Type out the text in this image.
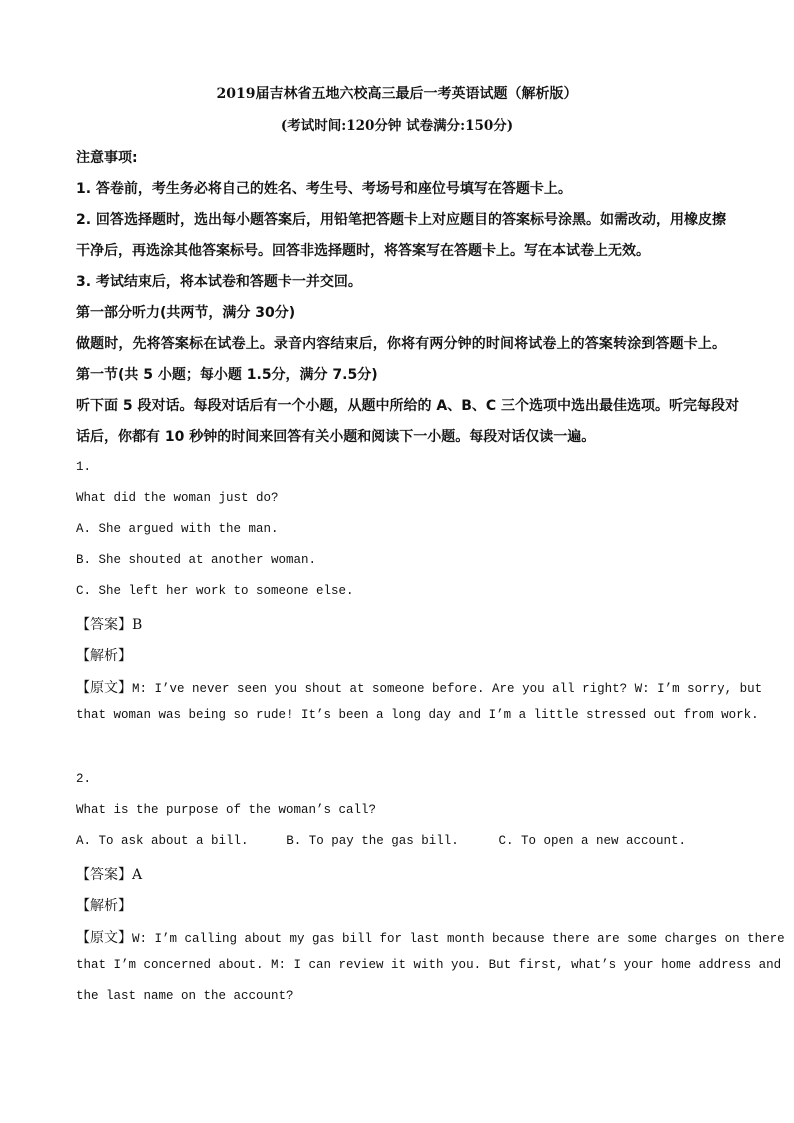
2019届吉林省五地六校高三最后一考英语试题（解析版）
(考试时间:120分钟 试卷满分:150分)
注意事项:
1. 答卷前，考生务必将自己的姓名、考生号、考场号和座位号填写在答题卡上。
2. 回答选择题时，选出每小题答案后，用铅笔把答题卡上对应题目的答案标号涂黑。如需改动，用橡皮擦
干净后，再选涂其他答案标号。回答非选择题时，将答案写在答题卡上。写在本试卷上无效。
3. 考试结束后，将本试卷和答题卡一并交回。
第一部分听力(共两节，满分 30分)
做题时，先将答案标在试卷上。录音内容结束后，你将有两分钟的时间将试卷上的答案转涂到答题卡上。
第一节(共 5 小题；每小题 1.5分，满分 7.5分)
听下面 5 段对话。每段对话后有一个小题，从题中所给的 A、B、C 三个选项中选出最佳选项。听完每段对
话后，你都有 10 秒钟的时间来回答有关小题和阅读下一小题。每段对话仅读一遍。
1.
What did the woman just do?
A. She argued with the man.
B. She shouted at another woman.
C. She left her work to someone else.
【答案】B
【解析】
【原文】M: I’ve never seen you shout at someone before. Are you all right? W: I’m sorry, but
that woman was being so rude! It’s been a long day and I’m a little stressed out from work.
2.
What is the purpose of the woman’s call?
A. To ask about a bill.	B. To pay the gas bill.	C. To open a new account.
【答案】A
【解析】
【原文】W: I’m calling about my gas bill for last month because there are some charges on there
that I’m concerned about. M: I can review it with you. But first, what’s your home address and
the last name on the account?
